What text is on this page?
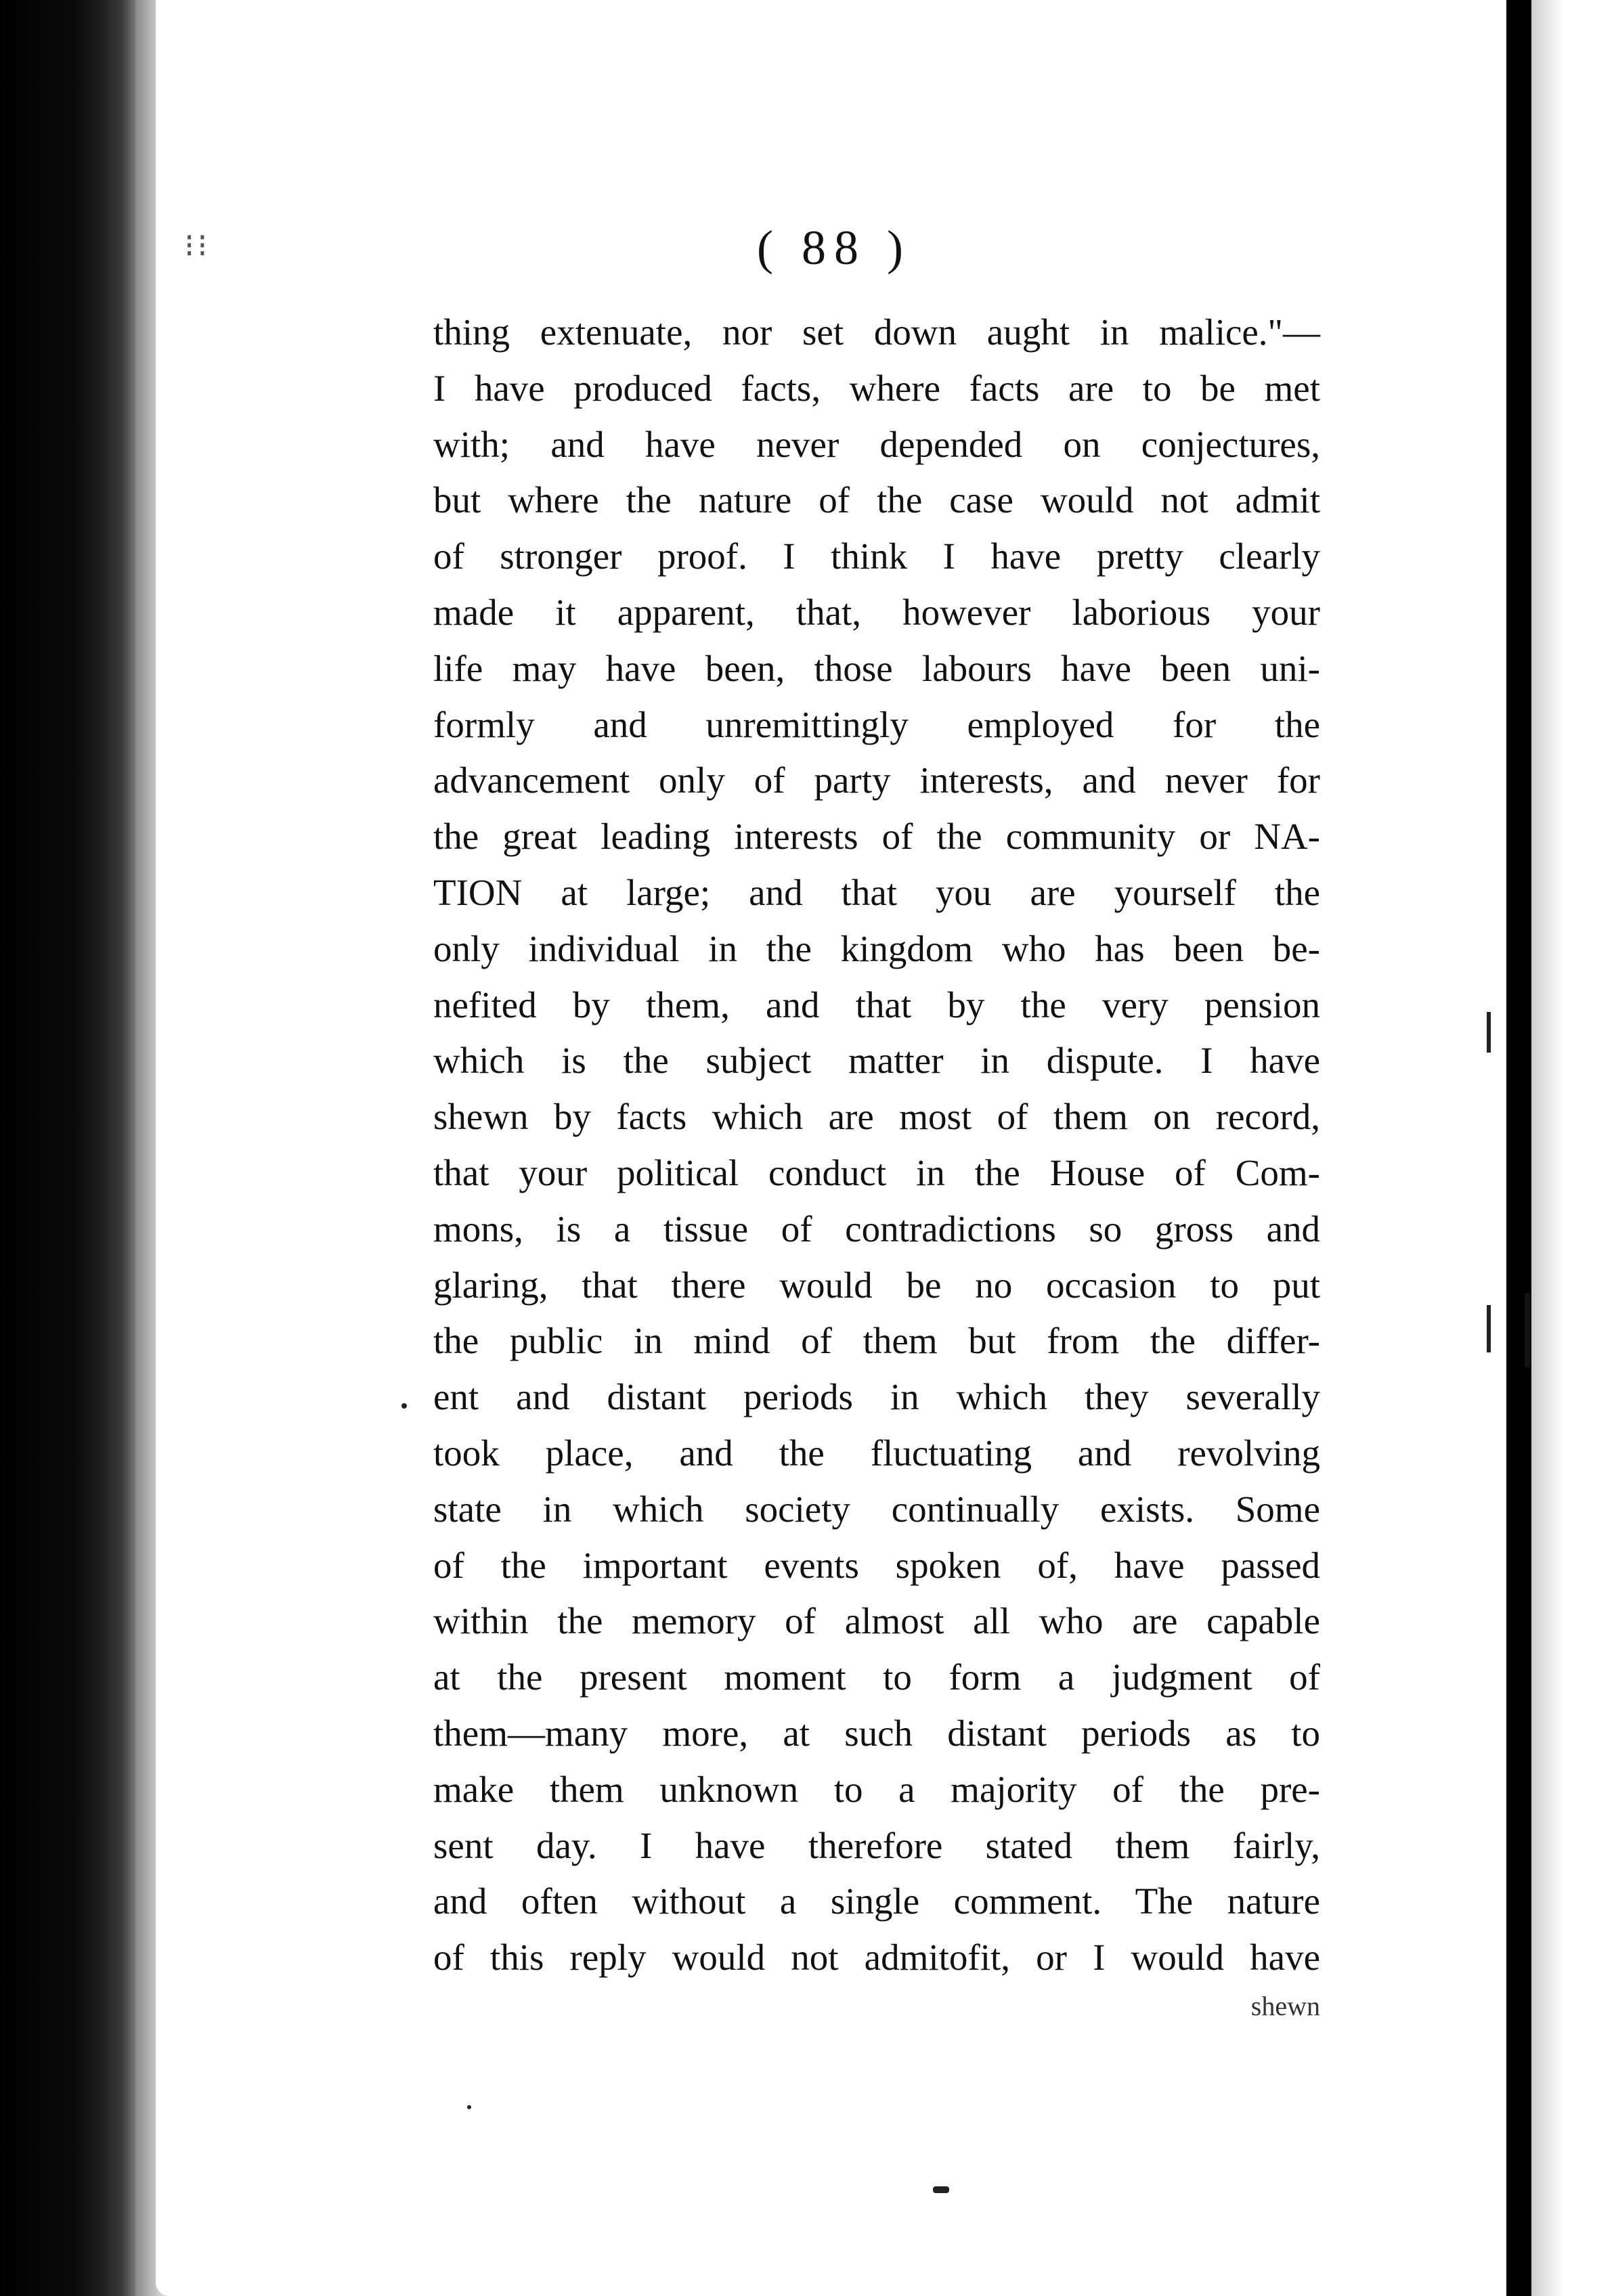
⁝⁝	( 88 )
thing extenuate, nor set down aught in malice."—
I have produced facts, where facts are to be met
with; and have never depended on conjectures,
but where the nature of the case would not admit
of stronger proof. I think I have pretty clearly
made it apparent, that, however laborious your
life may have been, those labours have been uni-
formly and unremittingly employed for the
advancement only of party interests, and never for
the great leading interests of the community or NA-
TION at large; and that you are yourself the
only individual in the kingdom who has been be-
nefited by them, and that by the very pension
which is the subject matter in dispute. I have
shewn by facts which are most of them on record,
that your political conduct in the House of Com-
mons, is a tissue of contradictions so gross and
glaring, that there would be no occasion to put
the public in mind of them but from the differ-
ent and distant periods in which they severally
took place, and the fluctuating and revolving
state in which society continually exists. Some
of the important events spoken of, have passed
within the memory of almost all who are capable
at the present moment to form a judgment of
them—many more, at such distant periods as to
make them unknown to a majority of the pre-
sent day. I have therefore stated them fairly,
and often without a single comment. The nature
of this reply would not admitofit, or I would have
shewn
